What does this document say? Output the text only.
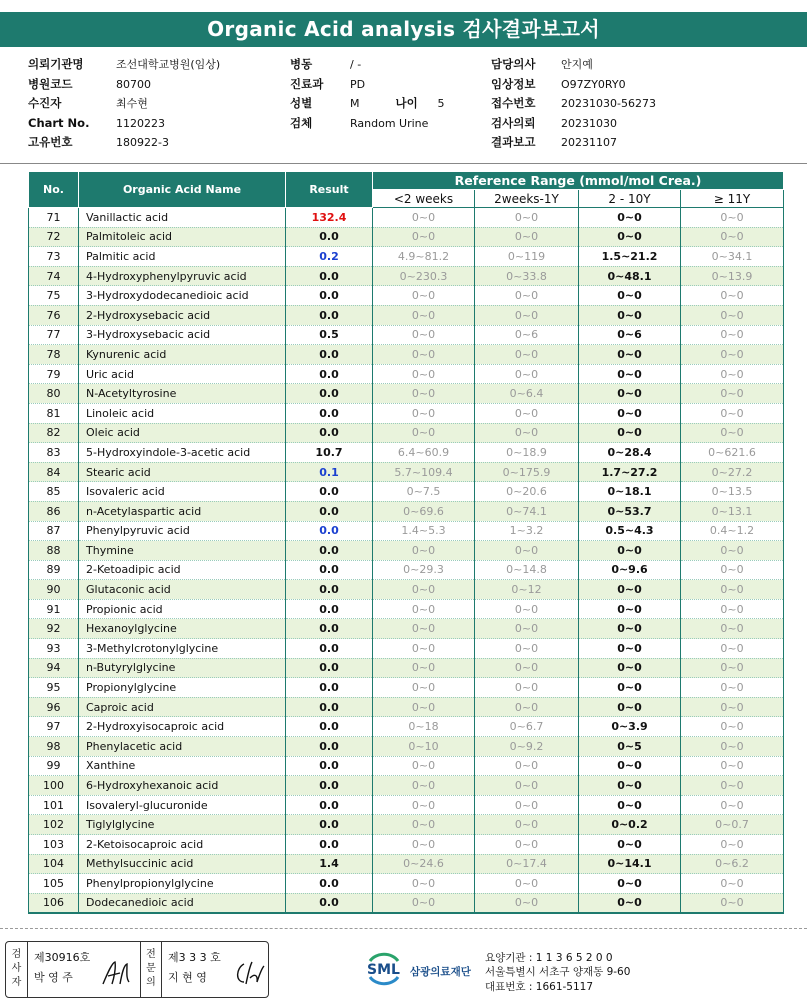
Organic Acid analysis 검사결과보고서
의뢰기관명	조선대학교병원(임상)
병원코드	80700
수진자	최수현
Chart No. 1120223
고유번호	180922-3
병동	/ -
진료과 PD
성별	M	나이 5
검체	Random Urine
담당의사 안지예
임상정보 O97ZY0RY0
접수번호 20231030-56273
검사의뢰 20231030
결과보고 20231107
No.	Organic Acid Name	Result	Reference Range (mmol/mol Crea.)			
			<2 weeks	2weeks-1Y	2 - 10Y	≥ 11Y
71	Vanillactic acid	132.4	0~0	0~0	0~0	0~0
72	Palmitoleic acid	0.0	0~0	0~0	0~0	0~0
73	Palmitic acid	0.2	4.9~81.2	0~119	1.5~21.2	0~34.1
74	4-Hydroxyphenylpyruvic acid	0.0	0~230.3	0~33.8	0~48.1	0~13.9
75	3-Hydroxydodecanedioic acid	0.0	0~0	0~0	0~0	0~0
76	2-Hydroxysebacic acid	0.0	0~0	0~0	0~0	0~0
77	3-Hydroxysebacic acid	0.5	0~0	0~6	0~6	0~0
78	Kynurenic acid	0.0	0~0	0~0	0~0	0~0
79	Uric acid	0.0	0~0	0~0	0~0	0~0
80	N-Acetyltyrosine	0.0	0~0	0~6.4	0~0	0~0
81	Linoleic acid	0.0	0~0	0~0	0~0	0~0
82	Oleic acid	0.0	0~0	0~0	0~0	0~0
83	5-Hydroxyindole-3-acetic acid	10.7	6.4~60.9	0~18.9	0~28.4	0~621.6
84	Stearic acid	0.1	5.7~109.4	0~175.9	1.7~27.2	0~27.2
85	Isovaleric acid	0.0	0~7.5	0~20.6	0~18.1	0~13.5
86	n-Acetylaspartic acid	0.0	0~69.6	0~74.1	0~53.7	0~13.1
87	Phenylpyruvic acid	0.0	1.4~5.3	1~3.2	0.5~4.3	0.4~1.2
88	Thymine	0.0	0~0	0~0	0~0	0~0
89	2-Ketoadipic acid	0.0	0~29.3	0~14.8	0~9.6	0~0
90	Glutaconic acid	0.0	0~0	0~12	0~0	0~0
91	Propionic acid	0.0	0~0	0~0	0~0	0~0
92	Hexanoylglycine	0.0	0~0	0~0	0~0	0~0
93	3-Methylcrotonylglycine	0.0	0~0	0~0	0~0	0~0
94	n-Butyrylglycine	0.0	0~0	0~0	0~0	0~0
95	Propionylglycine	0.0	0~0	0~0	0~0	0~0
96	Caproic acid	0.0	0~0	0~0	0~0	0~0
97	2-Hydroxyisocaproic acid	0.0	0~18	0~6.7	0~3.9	0~0
98	Phenylacetic acid	0.0	0~10	0~9.2	0~5	0~0
99	Xanthine	0.0	0~0	0~0	0~0	0~0
100	6-Hydroxyhexanoic acid	0.0	0~0	0~0	0~0	0~0
101	Isovaleryl-glucuronide	0.0	0~0	0~0	0~0	0~0
102	Tiglylglycine	0.0	0~0	0~0	0~0.2	0~0.7
103	2-Ketoisocaproic acid	0.0	0~0	0~0	0~0	0~0
104	Methylsuccinic acid	1.4	0~24.6	0~17.4	0~14.1	0~6.2
105	Phenylpropionylglycine	0.0	0~0	0~0	0~0	0~0
106	Dodecanedioic acid	0.0	0~0	0~0	0~0	0~0
검사자
제30916호
박 영 주
전문의
제3 3 3 호
지 현 영	SML 삼광의료재단
요양기관 : 1 1 3 6 5 2 0 0
서울특별시 서초구 양재동 9-60
대표번호 : 1661-5117
